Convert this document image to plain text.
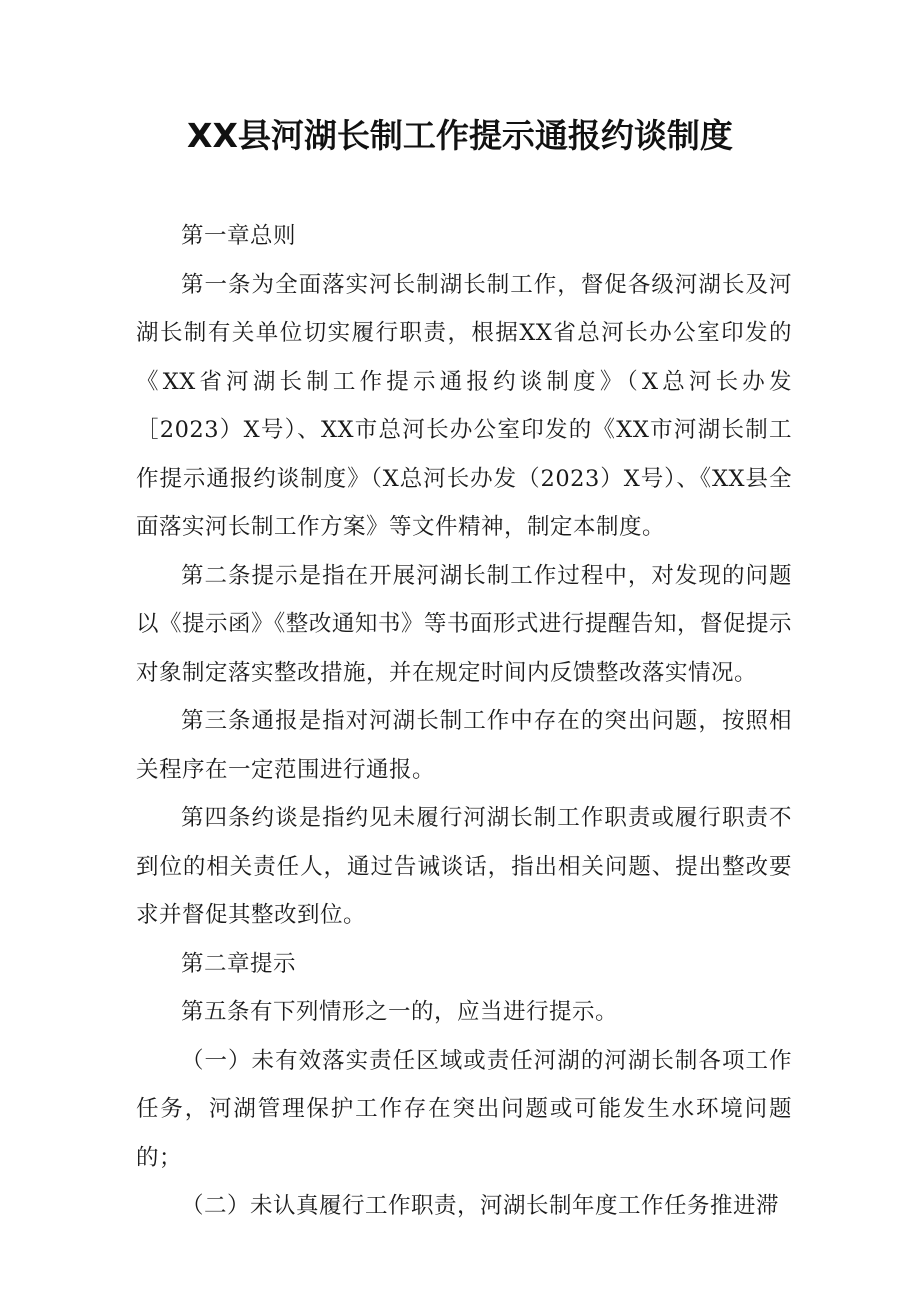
XX县河湖长制工作提示通报约谈制度

第一章总则

第一条为全面落实河长制湖长制工作，督促各级河湖长及河湖长制有关单位切实履行职责，根据XX省总河长办公室印发的《XX省河湖长制工作提示通报约谈制度》（X总河长办发［2023）X号）、XX市总河长办公室印发的《XX市河湖长制工作提示通报约谈制度》（X总河长办发（2023）X号）、《XX县全面落实河长制工作方案》等文件精神，制定本制度。

第二条提示是指在开展河湖长制工作过程中，对发现的问题以《提示函》《整改通知书》等书面形式进行提醒告知，督促提示对象制定落实整改措施，并在规定时间内反馈整改落实情况。

第三条通报是指对河湖长制工作中存在的突出问题，按照相关程序在一定范围进行通报。

第四条约谈是指约见未履行河湖长制工作职责或履行职责不到位的相关责任人，通过告诫谈话，指出相关问题、提出整改要求并督促其整改到位。

第二章提示

第五条有下列情形之一的，应当进行提示。

（一）未有效落实责任区域或责任河湖的河湖长制各项工作任务，河湖管理保护工作存在突出问题或可能发生水环境问题的；

（二）未认真履行工作职责，河湖长制年度工作任务推进滞
